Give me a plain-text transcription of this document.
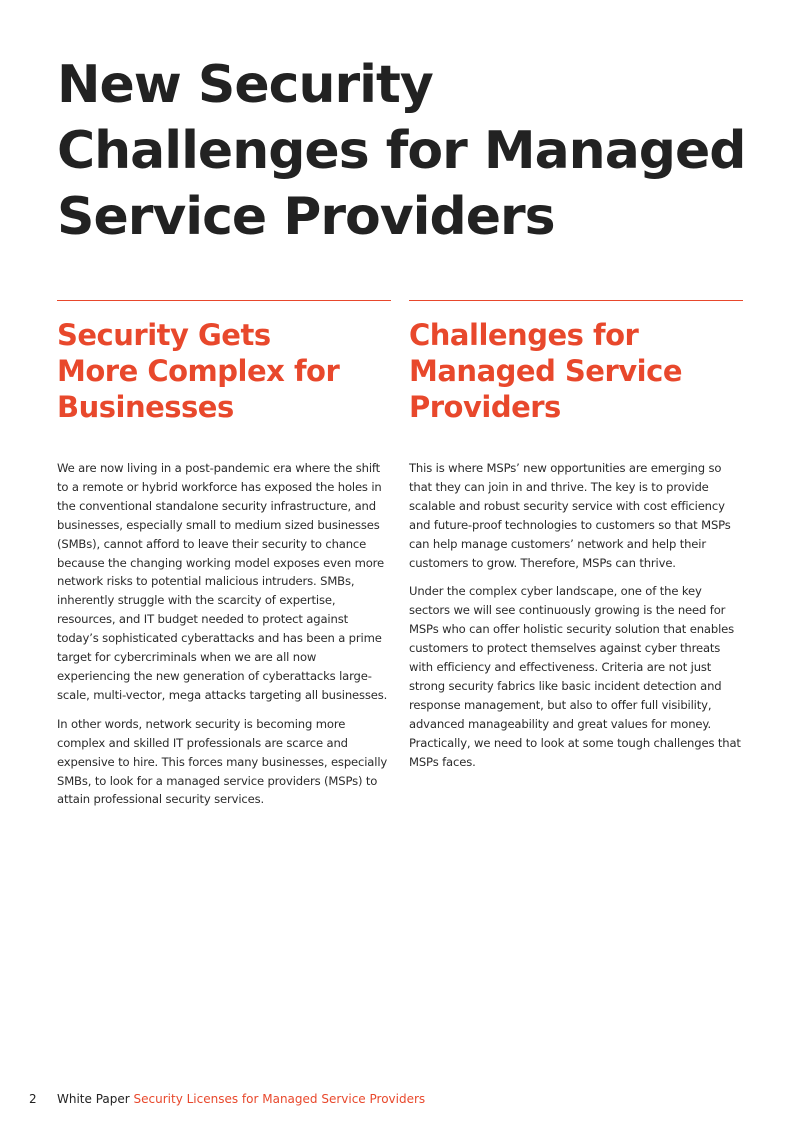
New Security Challenges for Managed Service Providers
Security Gets
More Complex for
Businesses

We are now living in a post-pandemic era where the shift to a remote or hybrid workforce has exposed the holes in the conventional standalone security infrastructure, and businesses, especially small to medium sized businesses (SMBs), cannot afford to leave their security to chance because the changing working model exposes even more network risks to potential malicious intruders. SMBs, inherently struggle with the scarcity of expertise, resources, and IT budget needed to protect against today’s sophisticated cyberattacks and has been a prime target for cybercriminals when we are all now experiencing the new generation of cyberattacks large-scale, multi-vector, mega attacks targeting all businesses.

In other words, network security is becoming more complex and skilled IT professionals are scarce and expensive to hire. This forces many businesses, especially SMBs, to look for a managed service providers (MSPs) to attain professional security services.

Challenges for
Managed Service
Providers

This is where MSPs’ new opportunities are emerging so that they can join in and thrive. The key is to provide scalable and robust security service with cost efficiency and future-proof technologies to customers so that MSPs can help manage customers’ network and help their customers to grow. Therefore, MSPs can thrive.

Under the complex cyber landscape, one of the key sectors we will see continuously growing is the need for MSPs who can offer holistic security solution that enables customers to protect themselves against cyber threats with efficiency and effectiveness. Criteria are not just strong security fabrics like basic incident detection and response management, but also to offer full visibility, advanced manageability and great values for money. Practically, we need to look at some tough challenges that MSPs faces.

2 White Paper Security Licenses for Managed Service Providers
